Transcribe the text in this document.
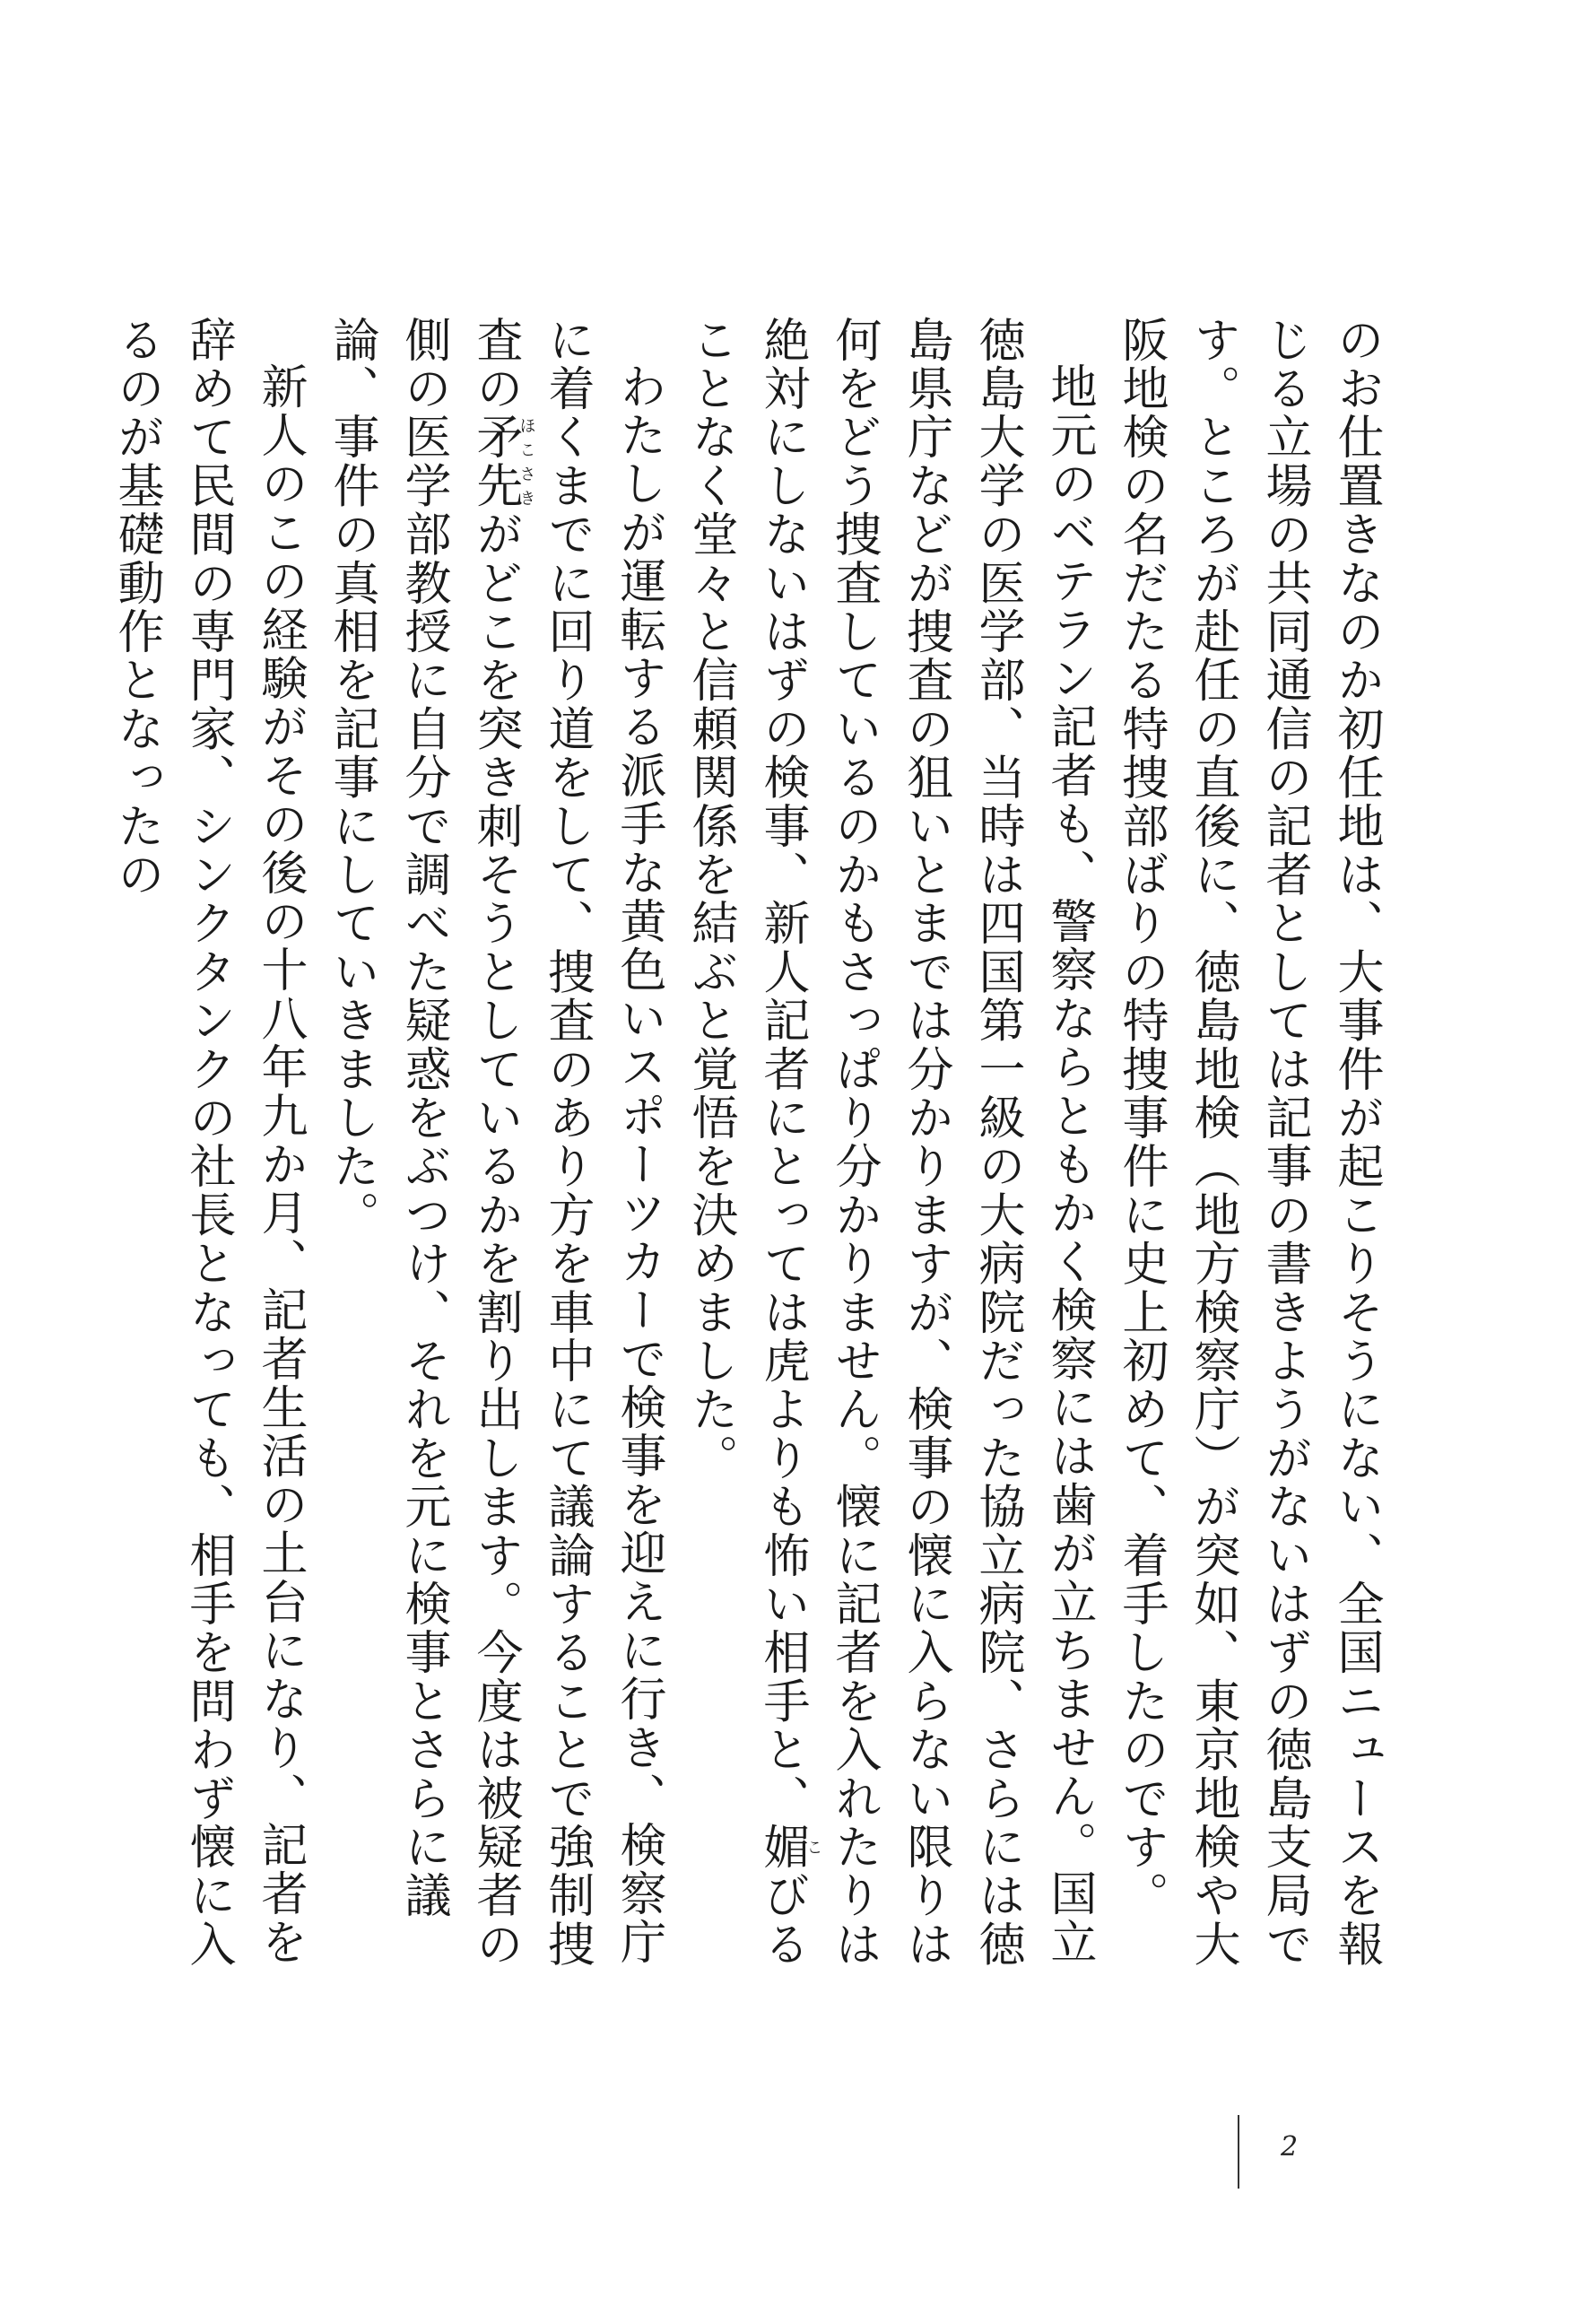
のお仕置きなのか初任地は、大事件が起こりそうにない、全国ニュースを報じる立場の共同通信の記者としては記事の書きようがないはずの徳島支局です。ところが赴任の直後に、徳島地検（地方検察庁）が突如、東京地検や大阪地検の名だたる特捜部ばりの特捜事件に史上初めて、着手したのです。

地元のベテラン記者も、警察ならともかく検察には歯が立ちません。国立徳島大学の医学部、当時は四国第一級の大病院だった協立病院、さらには徳島県庁などが捜査の狙いとまでは分かりますが、検事の懐に入らない限りは何をどう捜査しているのかもさっぱり分かりません。懐に記者を入れたりは絶対にしないはずの検事、新人記者にとっては虎よりも怖い相手と、媚こびることなく堂々と信頼関係を結ぶと覚悟を決めました。

わたしが運転する派手な黄色いスポーツカーで検事を迎えに行き、検察庁に着くまでに回り道をして、捜査のあり方を車中にて議論することで強制捜査の矛先ほこさきがどこを突き刺そうとしているかを割り出します。今度は被疑者の側の医学部教授に自分で調べた疑惑をぶつけ、それを元に検事とさらに議論、事件の真相を記事にしていきました。

新人のこの経験がその後の十八年九か月、記者生活の土台になり、記者を辞めて民間の専門家、シンクタンクの社長となっても、相手を問わず懐に入るのが基礎動作となったの

2
